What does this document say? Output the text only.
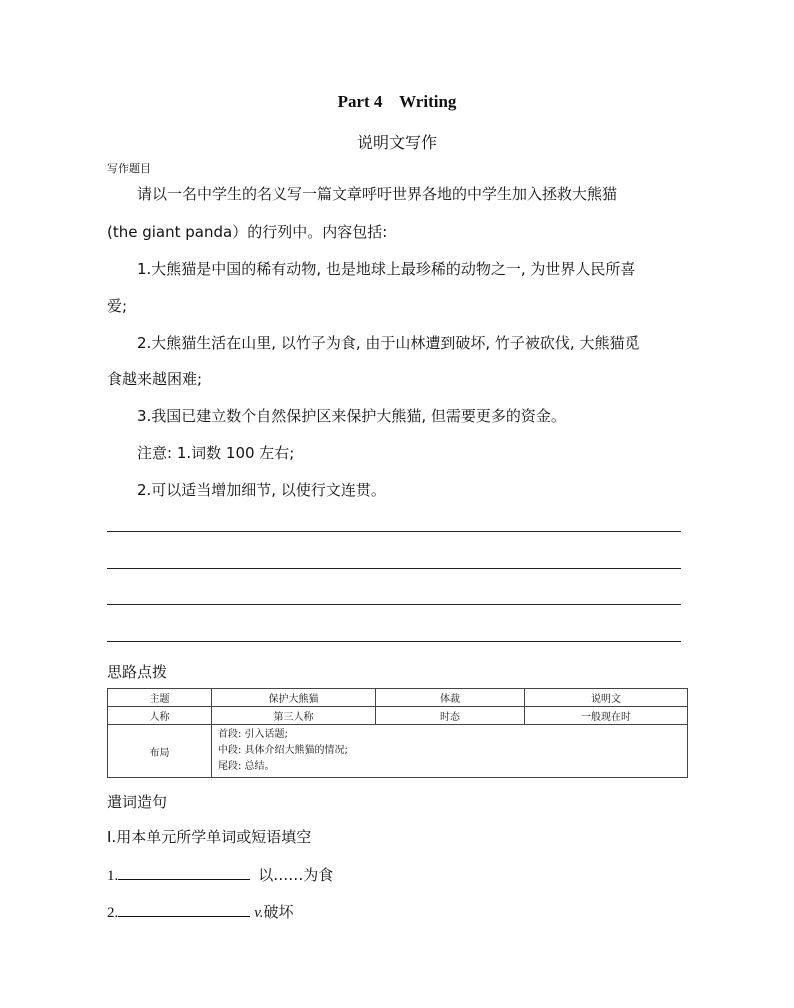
Part 4    Writing
说明文写作
写作题目
请以一名中学生的名义写一篇文章呼吁世界各地的中学生加入拯救大熊猫
(the giant panda）的行列中。内容包括:
1.大熊猫是中国的稀有动物, 也是地球上最珍稀的动物之一, 为世界人民所喜
爱;
2.大熊猫生活在山里, 以竹子为食, 由于山林遭到破坏, 竹子被砍伐, 大熊猫觅
食越来越困难;
3.我国已建立数个自然保护区来保护大熊猫, 但需要更多的资金。
注意: 1.词数 100 左右;
2.可以适当增加细节, 以使行文连贯。
思路点拨
主题	保护大熊猫	体裁	说明文
人称	第三人称	时态	一般现在时
布局	首段: 引入话题;
中段: 具体介绍大熊猫的情况;
尾段: 总结。		
遣词造句
Ⅰ.用本单元所学单词或短语填空
1.	以……为食
2.	v.破坏
